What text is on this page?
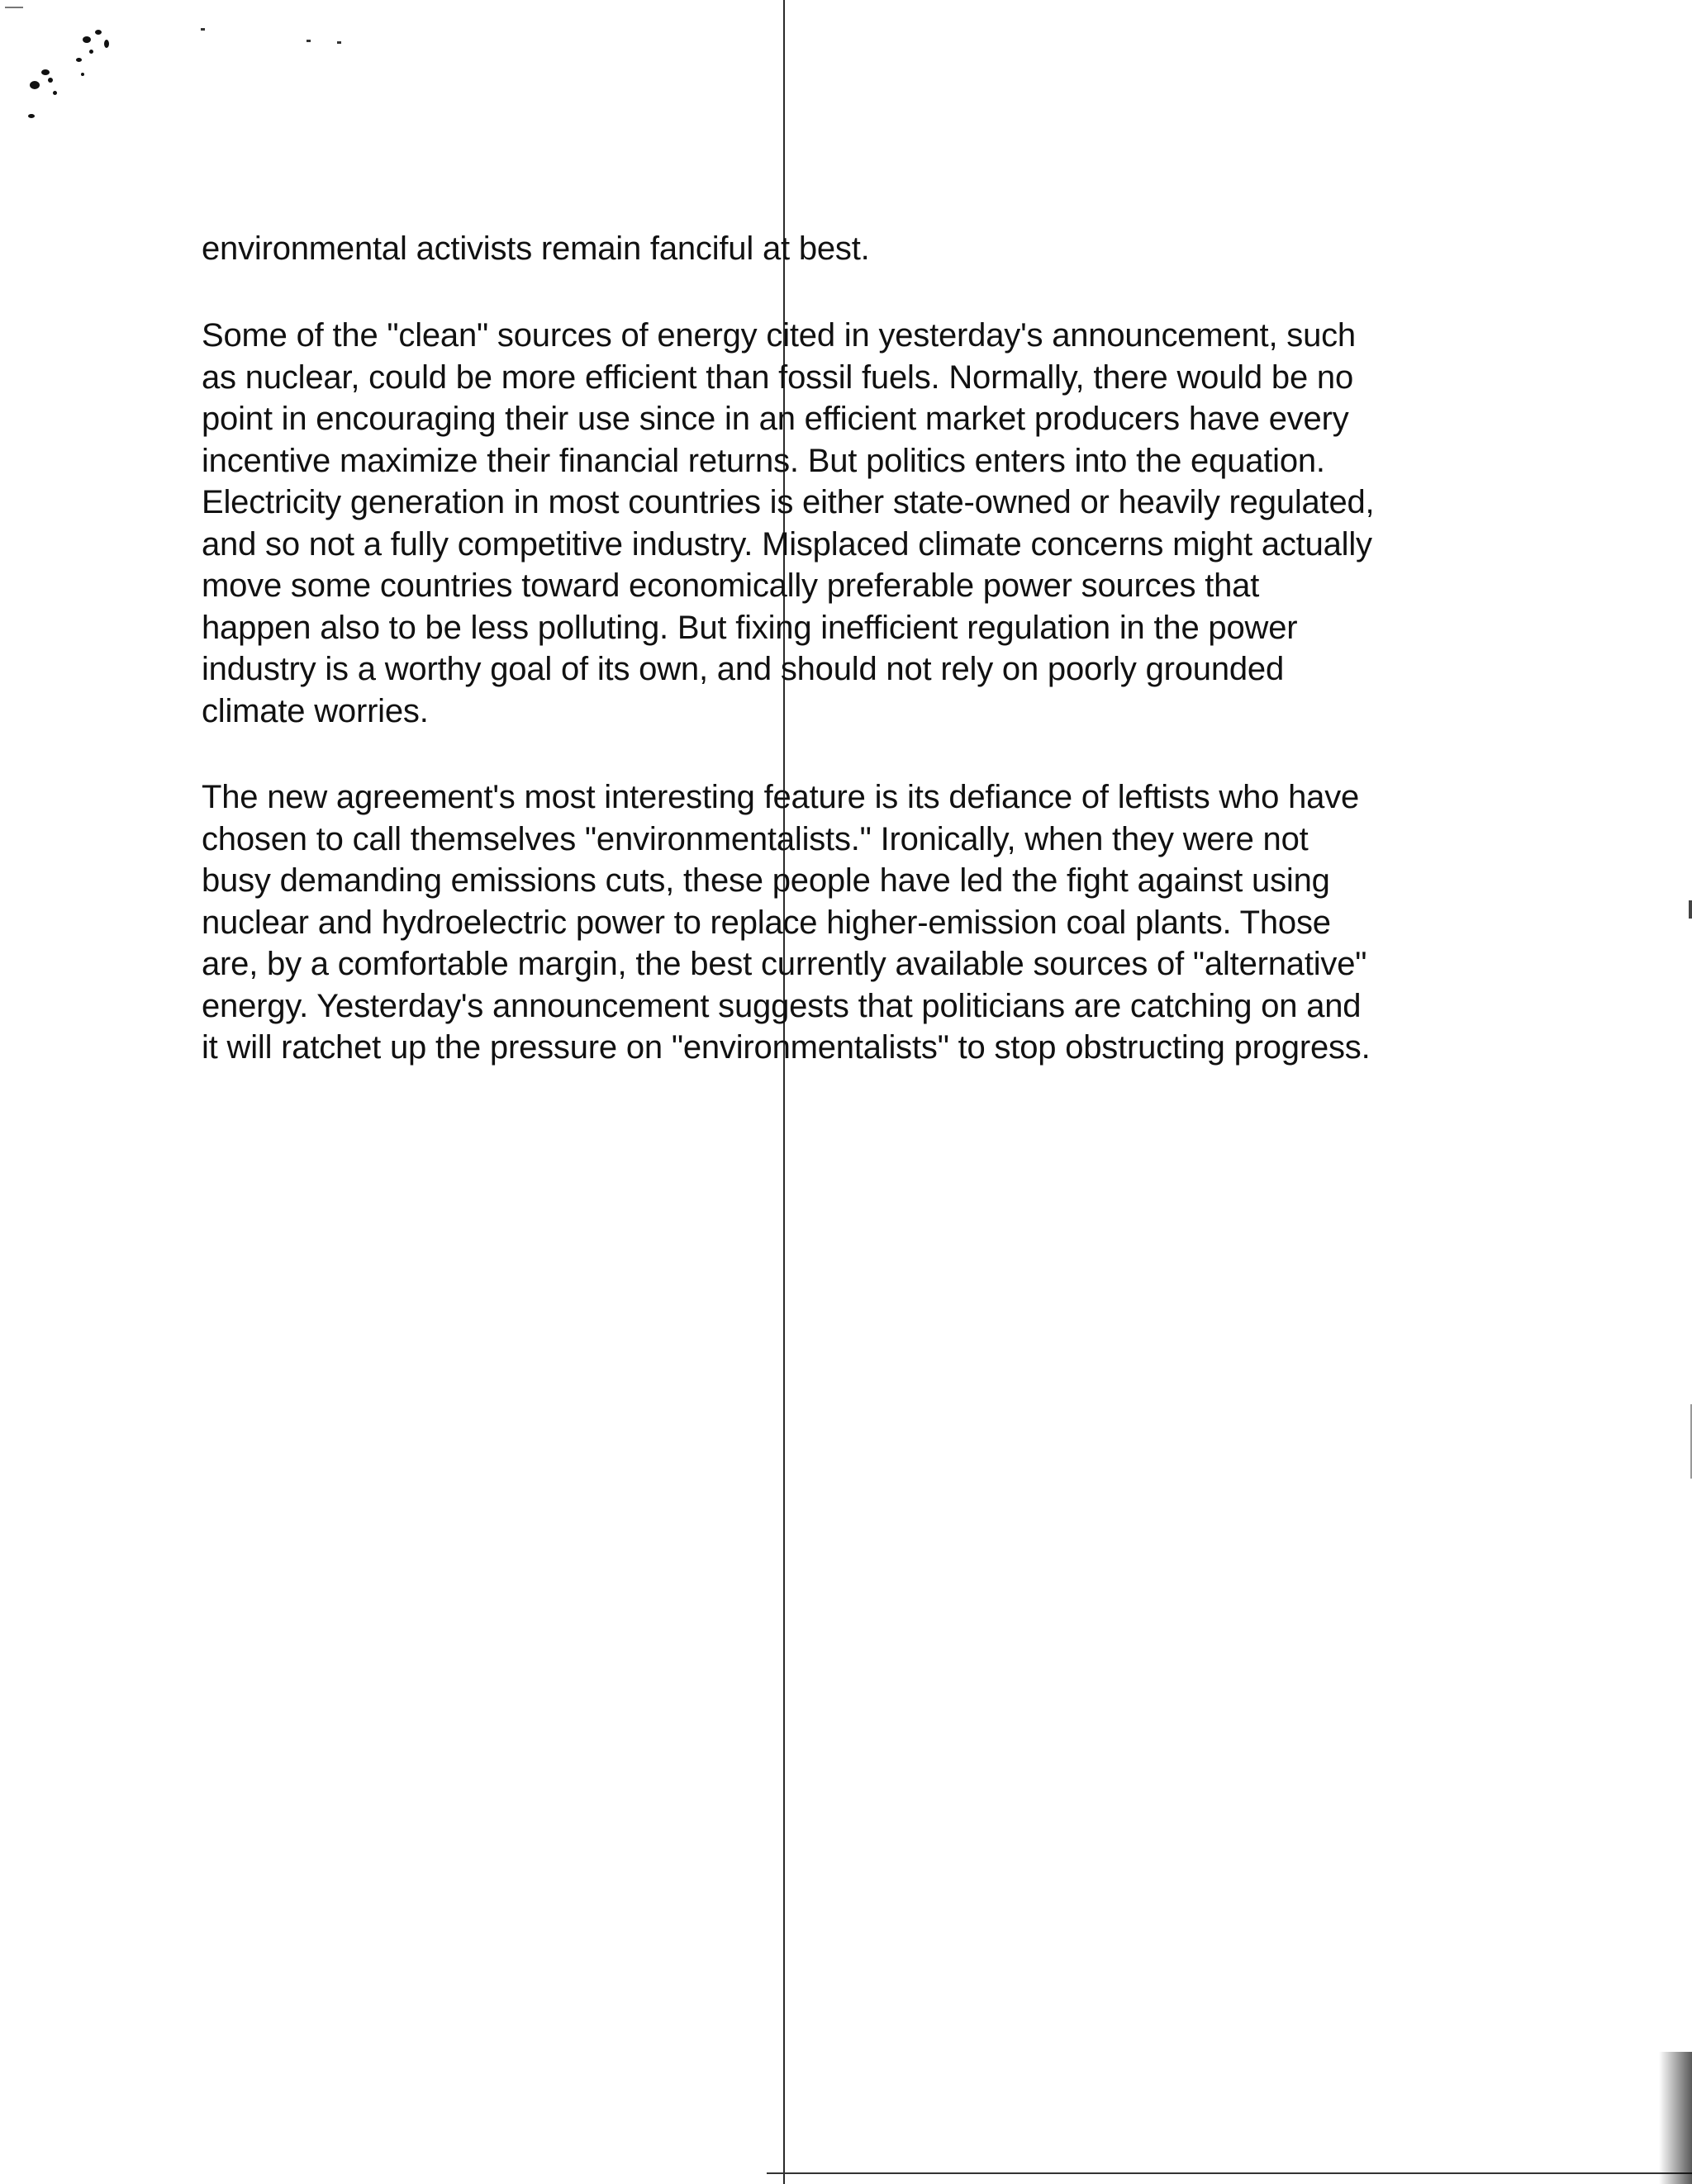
environmental activists remain fanciful at best.

Some of the "clean" sources of energy cited in yesterday's announcement, such
as nuclear, could be more efficient than fossil fuels. Normally, there would be no
point in encouraging their use since in an efficient market producers have every
incentive maximize their financial returns. But politics enters into the equation.
Electricity generation in most countries is either state-owned or heavily regulated,
and so not a fully competitive industry. Misplaced climate concerns might actually
move some countries toward economically preferable power sources that
happen also to be less polluting. But fixing inefficient regulation in the power
industry is a worthy goal of its own, and should not rely on poorly grounded
climate worries.

The new agreement's most interesting feature is its defiance of leftists who have
chosen to call themselves "environmentalists." Ironically, when they were not
busy demanding emissions cuts, these people have led the fight against using
nuclear and hydroelectric power to replace higher-emission coal plants. Those
are, by a comfortable margin, the best currently available sources of "alternative"
energy. Yesterday's announcement suggests that politicians are catching on and
it will ratchet up the pressure on "environmentalists" to stop obstructing progress.
